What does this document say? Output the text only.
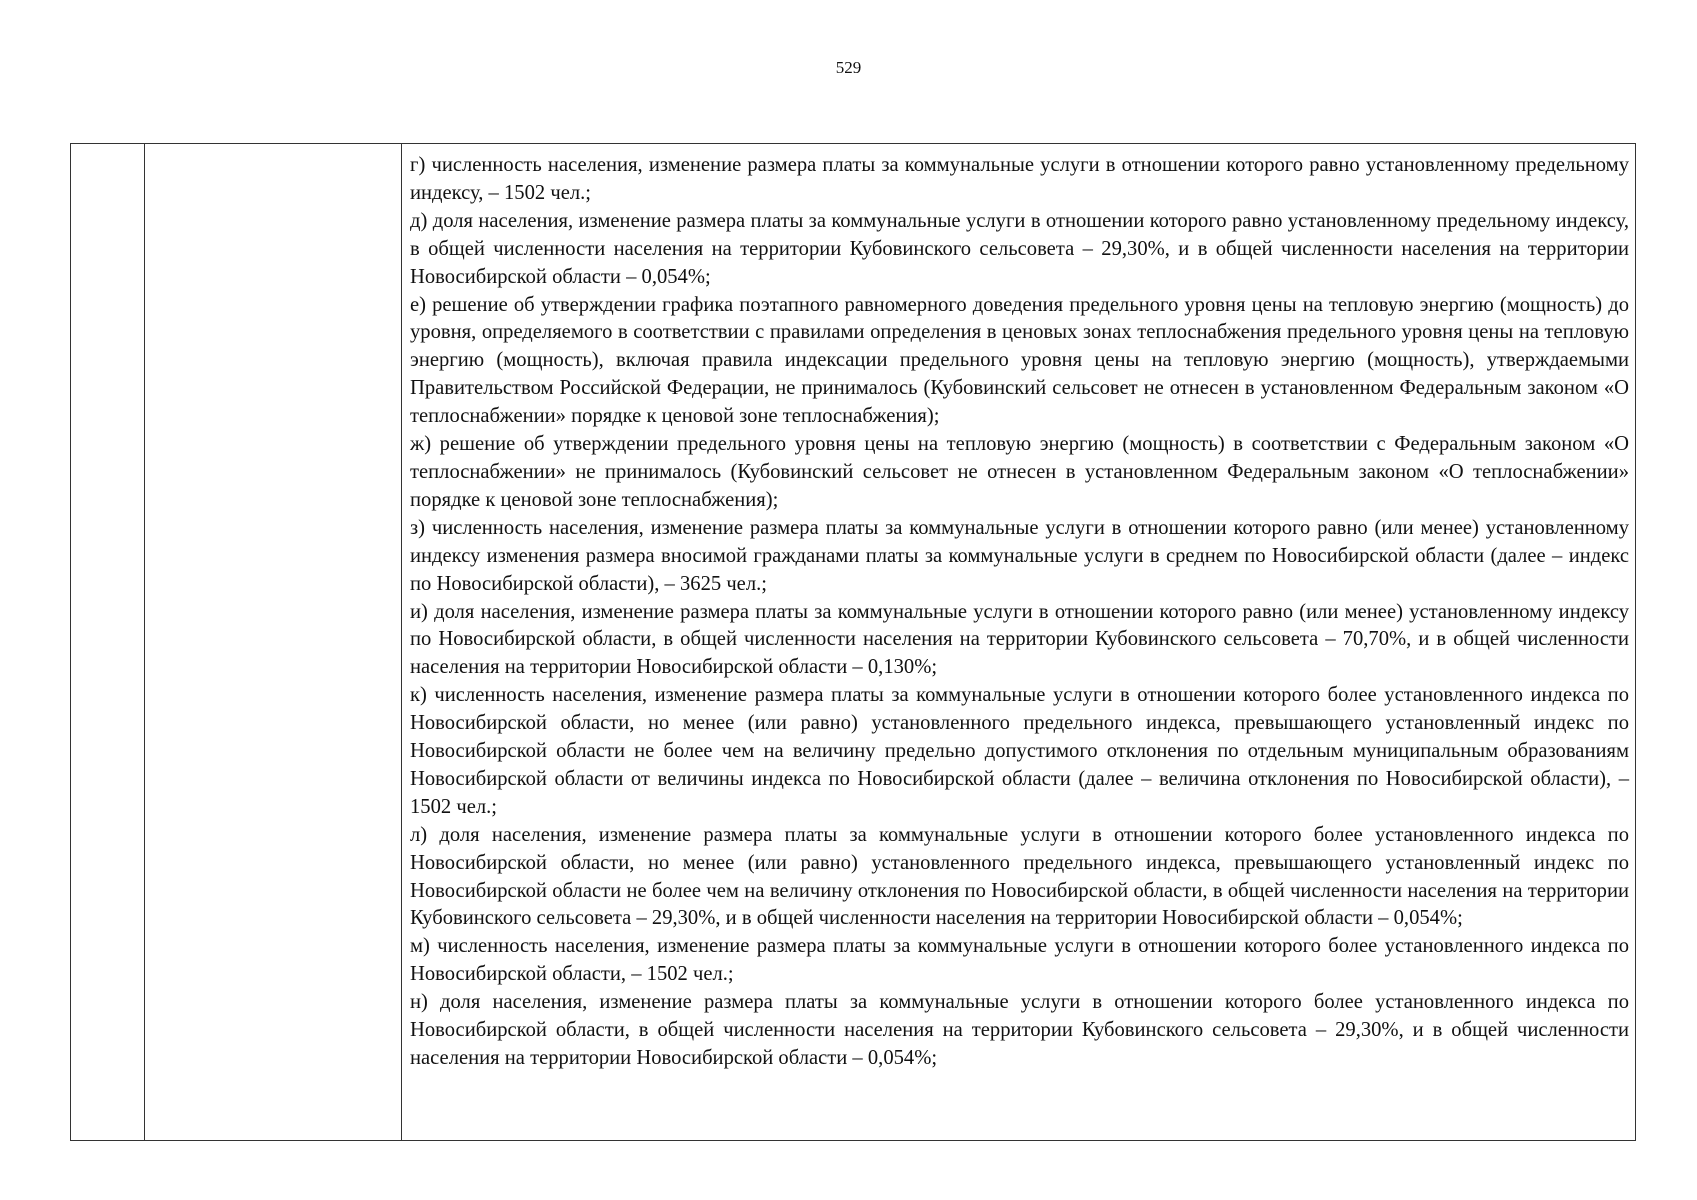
529

г) численность населения, изменение размера платы за коммунальные услуги в отношении которого равно установленному предельному индексу, – 1502 чел.;

д) доля населения, изменение размера платы за коммунальные услуги в отношении которого равно установленному предельному индексу, в общей численности населения на территории Кубовинского сельсовета – 29,30%, и в общей численности населения на территории Новосибирской области – 0,054%;

е) решение об утверждении графика поэтапного равномерного доведения предельного уровня цены на тепловую энергию (мощность) до уровня, определяемого в соответствии с правилами определения в ценовых зонах теплоснабжения предельного уровня цены на тепловую энергию (мощность), включая правила индексации предельного уровня цены на тепловую энергию (мощность), утверждаемыми Правительством Российской Федерации, не принималось (Кубовинский сельсовет не отнесен в установленном Федеральным законом «О теплоснабжении» порядке к ценовой зоне теплоснабжения);

ж) решение об утверждении предельного уровня цены на тепловую энергию (мощность) в соответствии с Федеральным законом «О теплоснабжении» не принималось (Кубовинский сельсовет не отнесен в установленном Федеральным законом «О теплоснабжении» порядке к ценовой зоне теплоснабжения);

з) численность населения, изменение размера платы за коммунальные услуги в отношении которого равно (или менее) установленному индексу изменения размера вносимой гражданами платы за коммунальные услуги в среднем по Новосибирской области (далее – индекс по Новосибирской области), – 3625 чел.;

и) доля населения, изменение размера платы за коммунальные услуги в отношении которого равно (или менее) установленному индексу по Новосибирской области, в общей численности населения на территории Кубовинского сельсовета – 70,70%, и в общей численности населения на территории Новосибирской области – 0,130%;

к) численность населения, изменение размера платы за коммунальные услуги в отношении которого более установленного индекса по Новосибирской области, но менее (или равно) установленного предельного индекса, превышающего установленный индекс по Новосибирской области не более чем на величину предельно допустимого отклонения по отдельным муниципальным образованиям Новосибирской области от величины индекса по Новосибирской области (далее – величина отклонения по Новосибирской области), – 1502 чел.;

л) доля населения, изменение размера платы за коммунальные услуги в отношении которого более установленного индекса по Новосибирской области, но менее (или равно) установленного предельного индекса, превышающего установленный индекс по Новосибирской области не более чем на величину отклонения по Новосибирской области, в общей численности населения на территории Кубовинского сельсовета – 29,30%, и в общей численности населения на территории Новосибирской области – 0,054%;

м) численность населения, изменение размера платы за коммунальные услуги в отношении которого более установленного индекса по Новосибирской области, – 1502 чел.;

н) доля населения, изменение размера платы за коммунальные услуги в отношении которого более установленного индекса по Новосибирской области, в общей численности населения на территории Кубовинского сельсовета – 29,30%, и в общей численности населения на территории Новосибирской области – 0,054%;
